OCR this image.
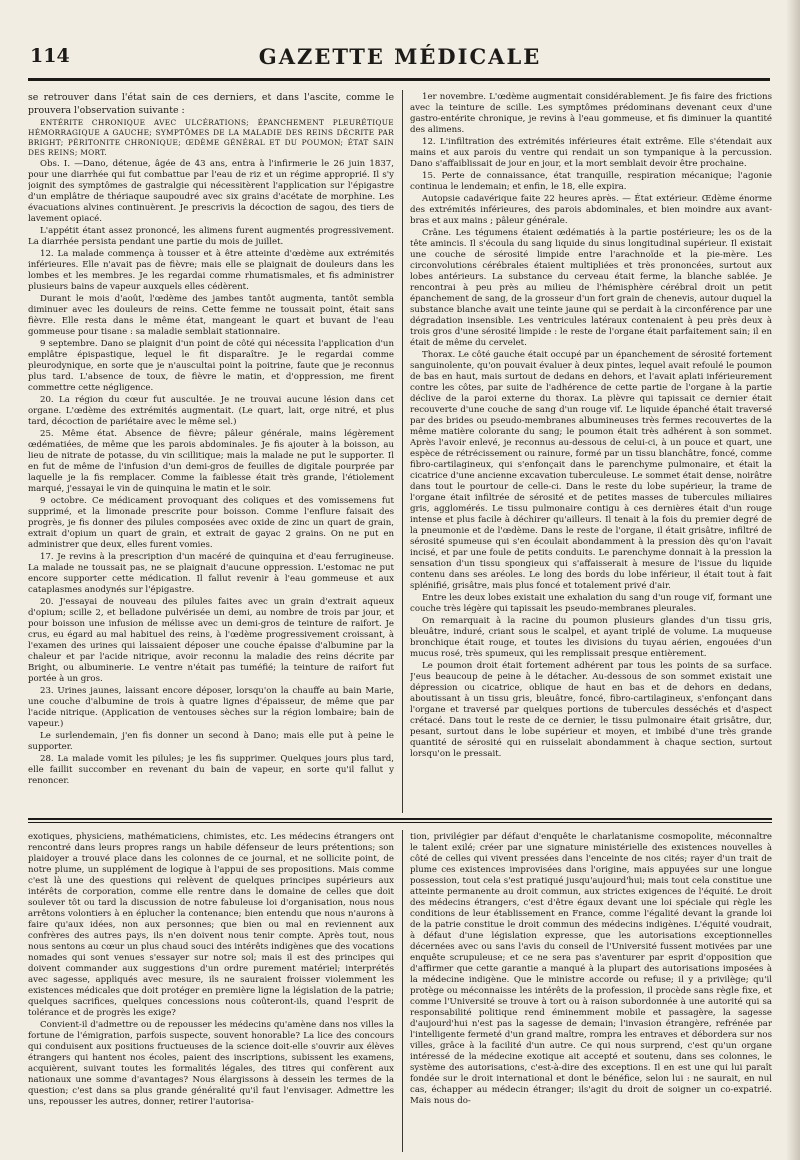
114	GAZETTE MÉDICALE

se retrouver dans l'état sain de ces derniers, et dans l'ascite, comme le prouvera l'observation suivante :

ENTÉRITE CHRONIQUE AVEC ULCÉRATIONS; ÉPANCHEMENT PLEURÉTIQUE HÉMORRAGIQUE A GAUCHE; SYMPTÔMES DE LA MALADIE DES REINS DÉCRITE PAR BRIGHT; PÉRITONITE CHRONIQUE; ŒDÈME GÉNÉRAL ET DU POUMON; ÉTAT SAIN DES REINS; MORT.

Obs. I. —Dano, détenue, âgée de 43 ans, entra à l'infirmerie le 26 juin 1837, pour une diarrhée qui fut combattue par l'eau de riz et un régime approprié. Il s'y joignit des symptômes de gastralgie qui nécessitèrent l'application sur l'épigastre d'un emplâtre de thériaque saupoudré avec six grains d'acétate de morphine. Les évacuations alvines continuèrent. Je prescrivis la décoction de sagou, des tiers de lavement opiacé.

L'appétit étant assez prononcé, les alimens furent augmentés progressivement. La diarrhée persista pendant une partie du mois de juillet.

12. La malade commença à tousser et à être atteinte d'œdème aux extrémités inférieures. Elle n'avait pas de fièvre; mais elle se plaignait de douleurs dans les lombes et les membres. Je les regardai comme rhumatismales, et fis administrer plusieurs bains de vapeur auxquels elles cédèrent.

Durant le mois d'août, l'œdème des jambes tantôt augmenta, tantôt sembla diminuer avec les douleurs de reins. Cette femme ne toussait point, était sans fièvre. Elle resta dans le même état, mangeant le quart et buvant de l'eau gommeuse pour tisane : sa maladie semblait stationnaire.

9 septembre. Dano se plaignit d'un point de côté qui nécessita l'application d'un emplâtre épispastique, lequel le fit disparaître. Je le regardai comme pleurodynique, en sorte que je n'auscultai point la poitrine, faute que je reconnus plus tard. L'absence de toux, de fièvre le matin, et d'oppression, me firent commettre cette négligence.

20. La région du cœur fut auscultée. Je ne trouvai aucune lésion dans cet organe. L'œdème des extrémités augmentait. (Le quart, lait, orge nitré, et plus tard, décoction de pariétaire avec le même sel.)

25. Même état. Absence de fièvre; pâleur générale, mains légèrement œdématiées, de même que les parois abdominales. Je fis ajouter à la boisson, au lieu de nitrate de potasse, du vin scillitique; mais la malade ne put le supporter. Il en fut de même de l'infusion d'un demi-gros de feuilles de digitale pourprée par laquelle je la fis remplacer. Comme la faiblesse était très grande, l'étiolement marqué, j'essayai le vin de quinquina le matin et le soir.

9 octobre. Ce médicament provoquant des coliques et des vomissemens fut supprimé, et la limonade prescrite pour boisson. Comme l'enflure faisait des progrès, je fis donner des pilules composées avec oxide de zinc un quart de grain, extrait d'opium un quart de grain, et extrait de gayac 2 grains. On ne put en administrer que deux, elles furent vomies.

17. Je revins à la prescription d'un macéré de quinquina et d'eau ferrugineuse. La malade ne toussait pas, ne se plaignait d'aucune oppression. L'estomac ne put encore supporter cette médication. Il fallut revenir à l'eau gommeuse et aux cataplasmes anodynés sur l'épigastre.

20. J'essayai de nouveau des pilules faites avec un grain d'extrait aqueux d'opium; scille 2, et belladone pulvérisée un demi, au nombre de trois par jour, et pour boisson une infusion de mélisse avec un demi-gros de teinture de raifort. Je crus, eu égard au mal habituel des reins, à l'œdème progressivement croissant, à l'examen des urines qui laissaient déposer une couche épaisse d'albumine par la chaleur et par l'acide nitrique, avoir reconnu la maladie des reins décrite par Bright, ou albuminerie. Le ventre n'était pas tuméfié; la teinture de raifort fut portée à un gros.

23. Urines jaunes, laissant encore déposer, lorsqu'on la chauffe au bain Marie, une couche d'albumine de trois à quatre lignes d'épaisseur, de même que par l'acide nitrique. (Application de ventouses sèches sur la région lombaire; bain de vapeur.)

Le surlendemain, j'en fis donner un second à Dano; mais elle put à peine le supporter.

28. La malade vomit les pilules; je les fis supprimer. Quelques jours plus tard, elle faillit succomber en revenant du bain de vapeur, en sorte qu'il fallut y renoncer.

1er novembre. L'œdème augmentait considérablement. Je fis faire des frictions avec la teinture de scille. Les symptômes prédominans devenant ceux d'une gastro-entérite chronique, je revins à l'eau gommeuse, et fis diminuer la quantité des alimens.

12. L'infiltration des extrémités inférieures était extrême. Elle s'étendait aux mains et aux parois du ventre qui rendait un son tympanique à la percussion. Dano s'affaiblissait de jour en jour, et la mort semblait devoir être prochaine.

15. Perte de connaissance, état tranquille, respiration mécanique; l'agonie continua le lendemain; et enfin, le 18, elle expira.

Autopsie cadavérique faite 22 heures après. — État extérieur. Œdème énorme des extrémités inférieures, des parois abdominales, et bien moindre aux avant-bras et aux mains ; pâleur générale.

Crâne. Les tégumens étaient œdématiés à la partie postérieure; les os de la tête amincis. Il s'écoula du sang liquide du sinus longitudinal supérieur. Il existait une couche de sérosité limpide entre l'arachnoïde et la pie-mère. Les circonvolutions cérébrales étaient multipliées et très prononcées, surtout aux lobes antérieurs. La substance du cerveau était ferme, la blanche sablée. Je rencontrai à peu près au milieu de l'hémisphère cérébral droit un petit épanchement de sang, de la grosseur d'un fort grain de chenevis, autour duquel la substance blanche avait une teinte jaune qui se perdait à la circonférence par une dégradation insensible. Les ventricules latéraux contenaient à peu près deux à trois gros d'une sérosité limpide : le reste de l'organe était parfaitement sain; il en était de même du cervelet.

Thorax. Le côté gauche était occupé par un épanchement de sérosité fortement sanguinolente, qu'on pouvait évaluer à deux pintes, lequel avait refoulé le poumon de bas en haut, mais surtout de dedans en dehors, et l'avait aplati inférieurement contre les côtes, par suite de l'adhérence de cette partie de l'organe à la partie déclive de la paroi externe du thorax. La plèvre qui tapissait ce dernier était recouverte d'une couche de sang d'un rouge vif. Le liquide épanché était traversé par des brides ou pseudo-membranes albumineuses très fermes recouvertes de la même matière colorante du sang; le poumon était très adhérent à son sommet. Après l'avoir enlevé, je reconnus au-dessous de celui-ci, à un pouce et quart, une espèce de rétrécissement ou rainure, formé par un tissu blanchâtre, foncé, comme fibro-cartilagineux, qui s'enfonçait dans le parenchyme pulmonaire, et était la cicatrice d'une ancienne excavation tuberculeuse. Le sommet était dense, noirâtre dans tout le pourtour de celle-ci. Dans le reste du lobe supérieur, la trame de l'organe était infiltrée de sérosité et de petites masses de tubercules miliaires gris, agglomérés. Le tissu pulmonaire contigu à ces dernières était d'un rouge intense et plus facile à déchirer qu'ailleurs. Il tenait à la fois du premier degré de la pneumonie et de l'œdème. Dans le reste de l'organe, il était grisâtre, infiltré de sérosité spumeuse qui s'en écoulait abondamment à la pression dès qu'on l'avait incisé, et par une foule de petits conduits. Le parenchyme donnait à la pression la sensation d'un tissu spongieux qui s'affaisserait à mesure de l'issue du liquide contenu dans ses aréoles. Le long des bords du lobe inférieur, il était tout à fait splénifié, grisâtre, mais plus foncé et totalement privé d'air.

Entre les deux lobes existait une exhalation du sang d'un rouge vif, formant une couche très légère qui tapissait les pseudo-membranes pleurales.

On remarquait à la racine du poumon plusieurs glandes d'un tissu gris, bleuâtre, induré, criant sous le scalpel, et ayant triplé de volume. La muqueuse bronchique était rouge, et toutes les divisions du tuyau aérien, engouées d'un mucus rosé, très spumeux, qui les remplissait presque entièrement.

Le poumon droit était fortement adhérent par tous les points de sa surface. J'eus beaucoup de peine à le détacher. Au-dessous de son sommet existait une dépression ou cicatrice, oblique de haut en bas et de dehors en dedans, aboutissant à un tissu gris, bleuâtre, foncé, fibro-cartilagineux, s'enfonçant dans l'organe et traversé par quelques portions de tubercules desséchés et d'aspect crétacé. Dans tout le reste de ce dernier, le tissu pulmonaire était grisâtre, dur, pesant, surtout dans le lobe supérieur et moyen, et imbibé d'une très grande quantité de sérosité qui en ruisselait abondamment à chaque section, surtout lorsqu'on le pressait.

exotiques, physiciens, mathématiciens, chimistes, etc. Les médecins étrangers ont rencontré dans leurs propres rangs un habile défenseur de leurs prétentions; son plaidoyer a trouvé place dans les colonnes de ce journal, et ne sollicite point, de notre plume, un supplément de logique à l'appui de ses propositions. Mais comme c'est là une des questions qui relèvent de quelques principes supérieurs aux intérêts de corporation, comme elle rentre dans le domaine de celles que doit soulever tôt ou tard la discussion de notre fabuleuse loi d'organisation, nous nous arrêtons volontiers à en éplucher la contenance; bien entendu que nous n'aurons à faire qu'aux idées, non aux personnes; que bien ou mal en reviennent aux confrères des autres pays, ils n'en doivent nous tenir compte. Après tout, nous nous sentons au cœur un plus chaud souci des intérêts indigènes que des vocations nomades qui sont venues s'essayer sur notre sol; mais il est des principes qui doivent commander aux suggestions d'un ordre purement matériel; interprétés avec sagesse, appliqués avec mesure, ils ne sauraient froisser violemment les existences médicales que doit protéger en première ligne la législation de la patrie; quelques sacrifices, quelques concessions nous coûteront-ils, quand l'esprit de tolérance et de progrès les exige?

Convient-il d'admettre ou de repousser les médecins qu'amène dans nos villes la fortune de l'émigration, parfois suspecte, souvent honorable? La lice des concours qui conduisent aux positions fructueuses de la science doit-elle s'ouvrir aux élèves étrangers qui hantent nos écoles, paient des inscriptions, subissent les examens, acquièrent, suivant toutes les formalités légales, des titres qui confèrent aux nationaux une somme d'avantages? Nous élargissons à dessein les termes de la question; c'est dans sa plus grande généralité qu'il faut l'envisager. Admettre les uns, repousser les autres, donner, retirer l'autorisa-

tion, privilégier par défaut d'enquête le charlatanisme cosmopolite, méconnaître le talent exilé; créer par une signature ministérielle des existences nouvelles à côté de celles qui vivent pressées dans l'enceinte de nos cités; rayer d'un trait de plume ces existences improvisées dans l'origine, mais appuyées sur une longue possession, tout cela s'est pratiqué jusqu'aujourd'hui; mais tout cela constitue une atteinte permanente au droit commun, aux strictes exigences de l'équité. Le droit des médecins étrangers, c'est d'être égaux devant une loi spéciale qui règle les conditions de leur établissement en France, comme l'égalité devant la grande loi de la patrie constitue le droit commun des médecins indigènes. L'équité voudrait, à défaut d'une législation expresse, que les autorisations exceptionnelles décernées avec ou sans l'avis du conseil de l'Université fussent motivées par une enquête scrupuleuse; et ce ne sera pas s'aventurer par esprit d'opposition que d'affirmer que cette garantie a manqué à la plupart des autorisations imposées à la médecine indigène. Que le ministre accorde ou refuse; il y a privilège; qu'il protège ou méconnaisse les intérêts de la profession, il procède sans règle fixe, et comme l'Université se trouve à tort ou à raison subordonnée à une autorité qui sa responsabilité politique rend éminemment mobile et passagère, la sagesse d'aujourd'hui n'est pas la sagesse de demain; l'invasion étrangère, refrénée par l'intelligente fermeté d'un grand maître, rompra les entraves et débordera sur nos villes, grâce à la facilité d'un autre. Ce qui nous surprend, c'est qu'un organe intéressé de la médecine exotique ait accepté et soutenu, dans ses colonnes, le système des autorisations, c'est-à-dire des exceptions. Il en est une qui lui paraît fondée sur le droit international et dont le bénéfice, selon lui : ne saurait, en nul cas, échapper au médecin étranger; ils'agit du droit de soigner un co-expatrié. Mais nous do-
